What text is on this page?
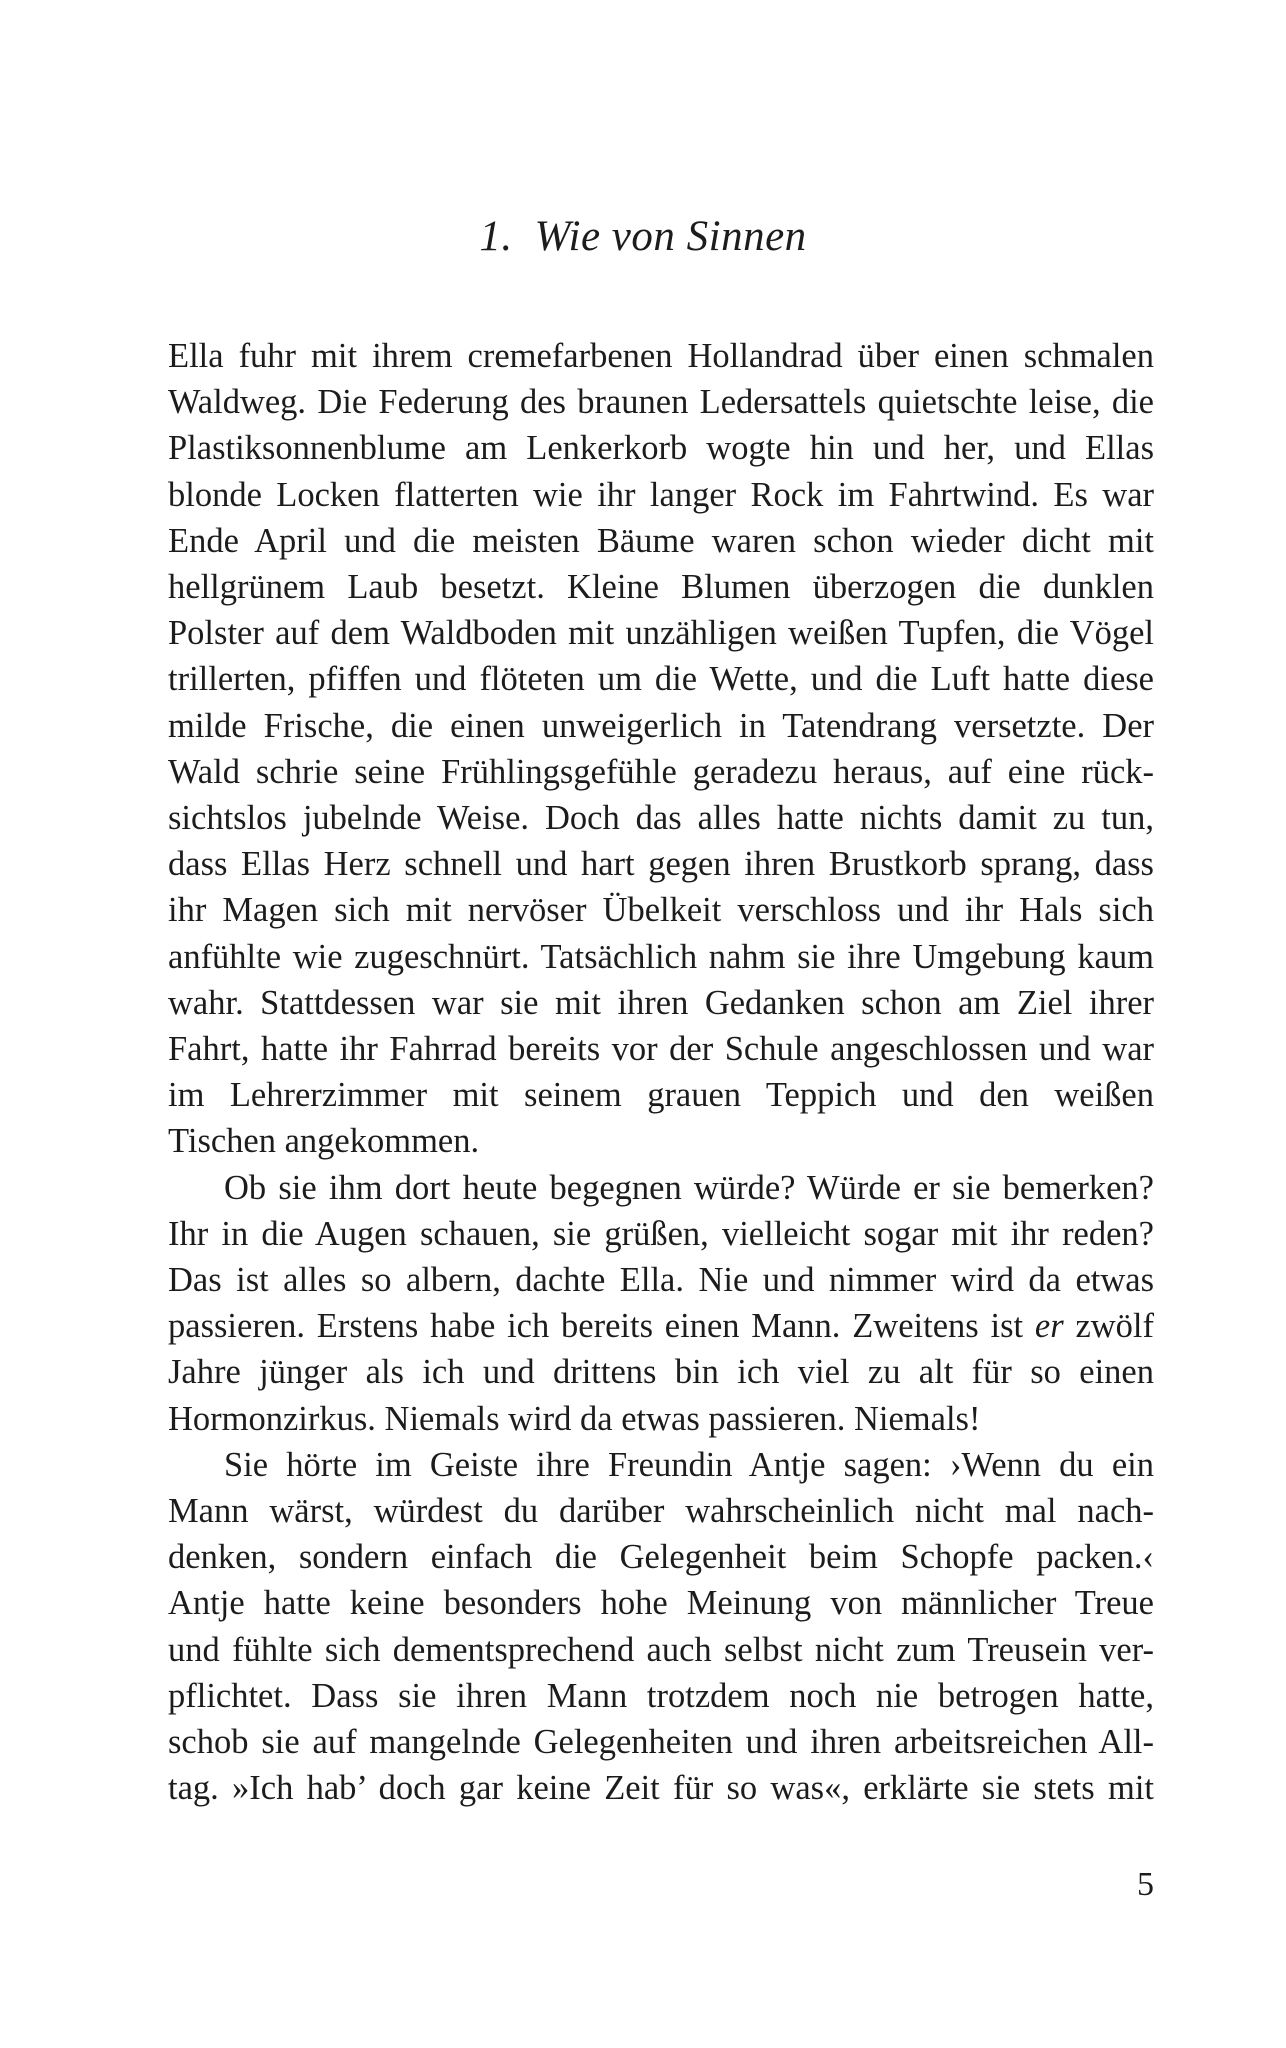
1. Wie von Sinnen

Ella fuhr mit ihrem cremefarbenen Hollandrad über einen schmalen
Waldweg. Die Federung des braunen Ledersattels quietschte leise, die
Plastiksonnenblume am Lenkerkorb wogte hin und her, und Ellas
blonde Locken flatterten wie ihr langer Rock im Fahrtwind. Es war
Ende April und die meisten Bäume waren schon wieder dicht mit
hellgrünem Laub besetzt. Kleine Blumen überzogen die dunklen
Polster auf dem Waldboden mit unzähligen weißen Tupfen, die Vögel
trillerten, pfiffen und flöteten um die Wette, und die Luft hatte diese
milde Frische, die einen unweigerlich in Tatendrang versetzte. Der
Wald schrie seine Frühlingsgefühle geradezu heraus, auf eine rück-
sichtslos jubelnde Weise. Doch das alles hatte nichts damit zu tun,
dass Ellas Herz schnell und hart gegen ihren Brustkorb sprang, dass
ihr Magen sich mit nervöser Übelkeit verschloss und ihr Hals sich
anfühlte wie zugeschnürt. Tatsächlich nahm sie ihre Umgebung kaum
wahr. Stattdessen war sie mit ihren Gedanken schon am Ziel ihrer
Fahrt, hatte ihr Fahrrad bereits vor der Schule angeschlossen und war
im Lehrerzimmer mit seinem grauen Teppich und den weißen
Tischen angekommen.

Ob sie ihm dort heute begegnen würde? Würde er sie bemerken?
Ihr in die Augen schauen, sie grüßen, vielleicht sogar mit ihr reden?
Das ist alles so albern, dachte Ella. Nie und nimmer wird da etwas
passieren. Erstens habe ich bereits einen Mann. Zweitens ist er zwölf
Jahre jünger als ich und drittens bin ich viel zu alt für so einen
Hormonzirkus. Niemals wird da etwas passieren. Niemals!

Sie hörte im Geiste ihre Freundin Antje sagen: ›Wenn du ein
Mann wärst, würdest du darüber wahrscheinlich nicht mal nach-
denken, sondern einfach die Gelegenheit beim Schopfe packen.‹
Antje hatte keine besonders hohe Meinung von männlicher Treue
und fühlte sich dementsprechend auch selbst nicht zum Treusein ver-
pflichtet. Dass sie ihren Mann trotzdem noch nie betrogen hatte,
schob sie auf mangelnde Gelegenheiten und ihren arbeitsreichen All-
tag. »Ich hab’ doch gar keine Zeit für so was«, erklärte sie stets mit

5
